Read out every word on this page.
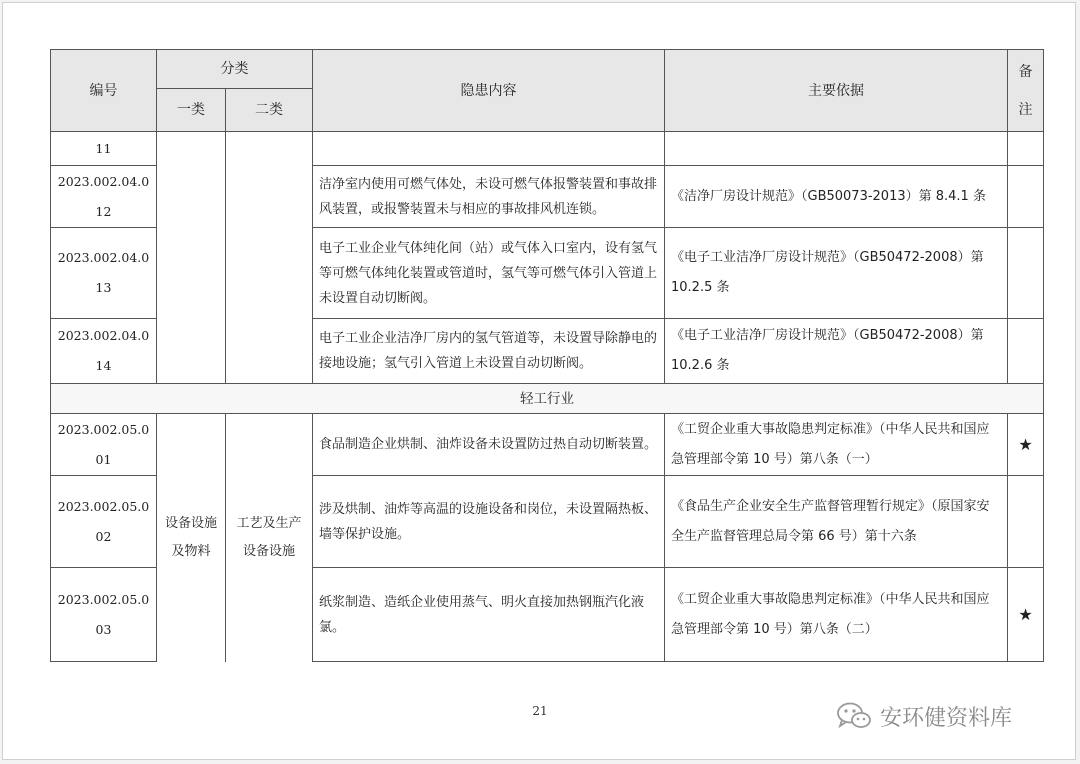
编号	分类		隐患内容	主要依据	备注
	一类	二类			

11					

2023.002.04.0
12			洁净室内使用可燃气体处，未设可燃气体报警装置和事故排风装置，或报警装置未与相应的事故排风机连锁。	《洁净厂房设计规范》（GB50073-2013）第 8.4.1 条	

2023.002.04.0
13			电子工业企业气体纯化间（站）或气体入口室内，设有氢气等可燃气体纯化装置或管道时，氢气等可燃气体引入管道上未设置自动切断阀。	《电子工业洁净厂房设计规范》（GB50472-2008）第 10.2.5 条	

2023.002.04.0
14			电子工业企业洁净厂房内的氢气管道等，未设置导除静电的接地设施；氢气引入管道上未设置自动切断阀。	《电子工业洁净厂房设计规范》（GB50472-2008）第 10.2.6 条	
轻工行业					

2023.002.05.0
01	设备设施及物料	工艺及生产设备设施	食品制造企业烘制、油炸设备未设置防过热自动切断装置。	《工贸企业重大事故隐患判定标准》（中华人民共和国应急管理部令第 10 号）第八条（一）	★

2023.002.05.0
02			涉及烘制、油炸等高温的设施设备和岗位，未设置隔热板、墙等保护设施。	《食品生产企业安全生产监督管理暂行规定》（原国家安全生产监督管理总局令第 66 号）第十六条	

2023.002.05.0
03			纸浆制造、造纸企业使用蒸气、明火直接加热钢瓶汽化液氯。	《工贸企业重大事故隐患判定标准》（中华人民共和国应急管理部令第 10 号）第八条（二）	★
21	安环健资料库
